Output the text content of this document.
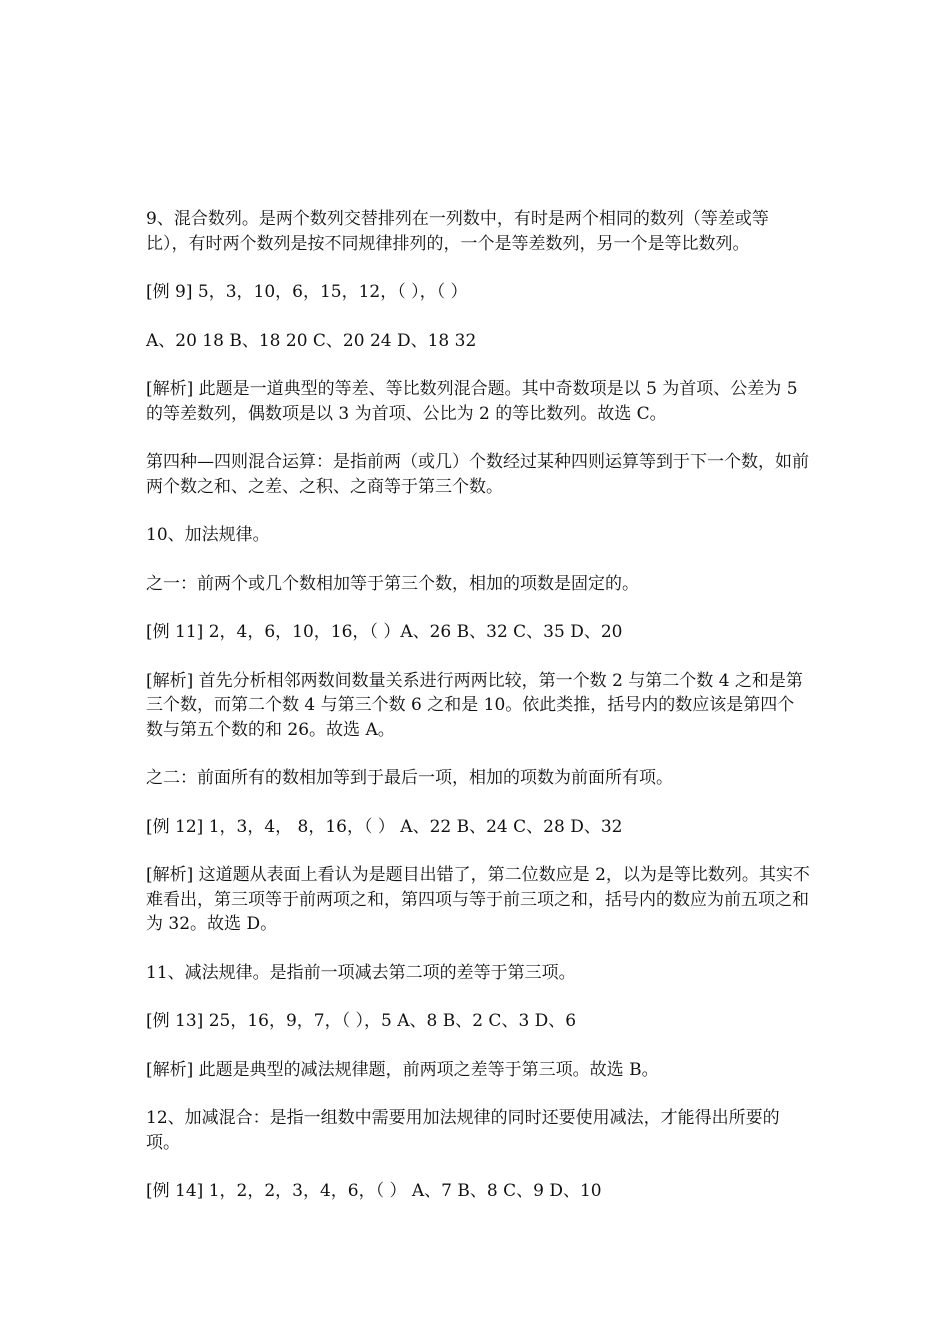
9、混合数列。是两个数列交替排列在一列数中，有时是两个相同的数列（等差或等比），有时两个数列是按不同规律排列的，一个是等差数列，另一个是等比数列。

[例 9] 5，3，10，6，15，12，（ ），（ ）

A、20 18 B、18 20 C、20 24 D、18 32

[解析] 此题是一道典型的等差、等比数列混合题。其中奇数项是以 5 为首项、公差为 5 的等差数列，偶数项是以 3 为首项、公比为 2 的等比数列。故选 C。

第四种—四则混合运算：是指前两（或几）个数经过某种四则运算等到于下一个数，如前两个数之和、之差、之积、之商等于第三个数。

10、加法规律。

之一：前两个或几个数相加等于第三个数，相加的项数是固定的。

[例 11] 2，4，6，10，16，（ ）A、26 B、32 C、35 D、20

[解析] 首先分析相邻两数间数量关系进行两两比较，第一个数 2 与第二个数 4 之和是第三个数，而第二个数 4 与第三个数 6 之和是 10。依此类推，括号内的数应该是第四个数与第五个数的和 26。故选 A。

之二：前面所有的数相加等到于最后一项，相加的项数为前面所有项。

[例 12] 1，3，4， 8，16，（ ） A、22 B、24 C、28 D、32

[解析] 这道题从表面上看认为是题目出错了，第二位数应是 2，以为是等比数列。其实不难看出，第三项等于前两项之和，第四项与等于前三项之和，括号内的数应为前五项之和为 32。故选 D。

11、减法规律。是指前一项减去第二项的差等于第三项。

[例 13] 25，16，9，7，（ ），5 A、8 B、2 C、3 D、6

[解析] 此题是典型的减法规律题，前两项之差等于第三项。故选 B。

12、加减混合：是指一组数中需要用加法规律的同时还要使用减法，才能得出所要的项。

[例 14] 1，2，2，3，4，6，（ ） A、7 B、8 C、9 D、10
